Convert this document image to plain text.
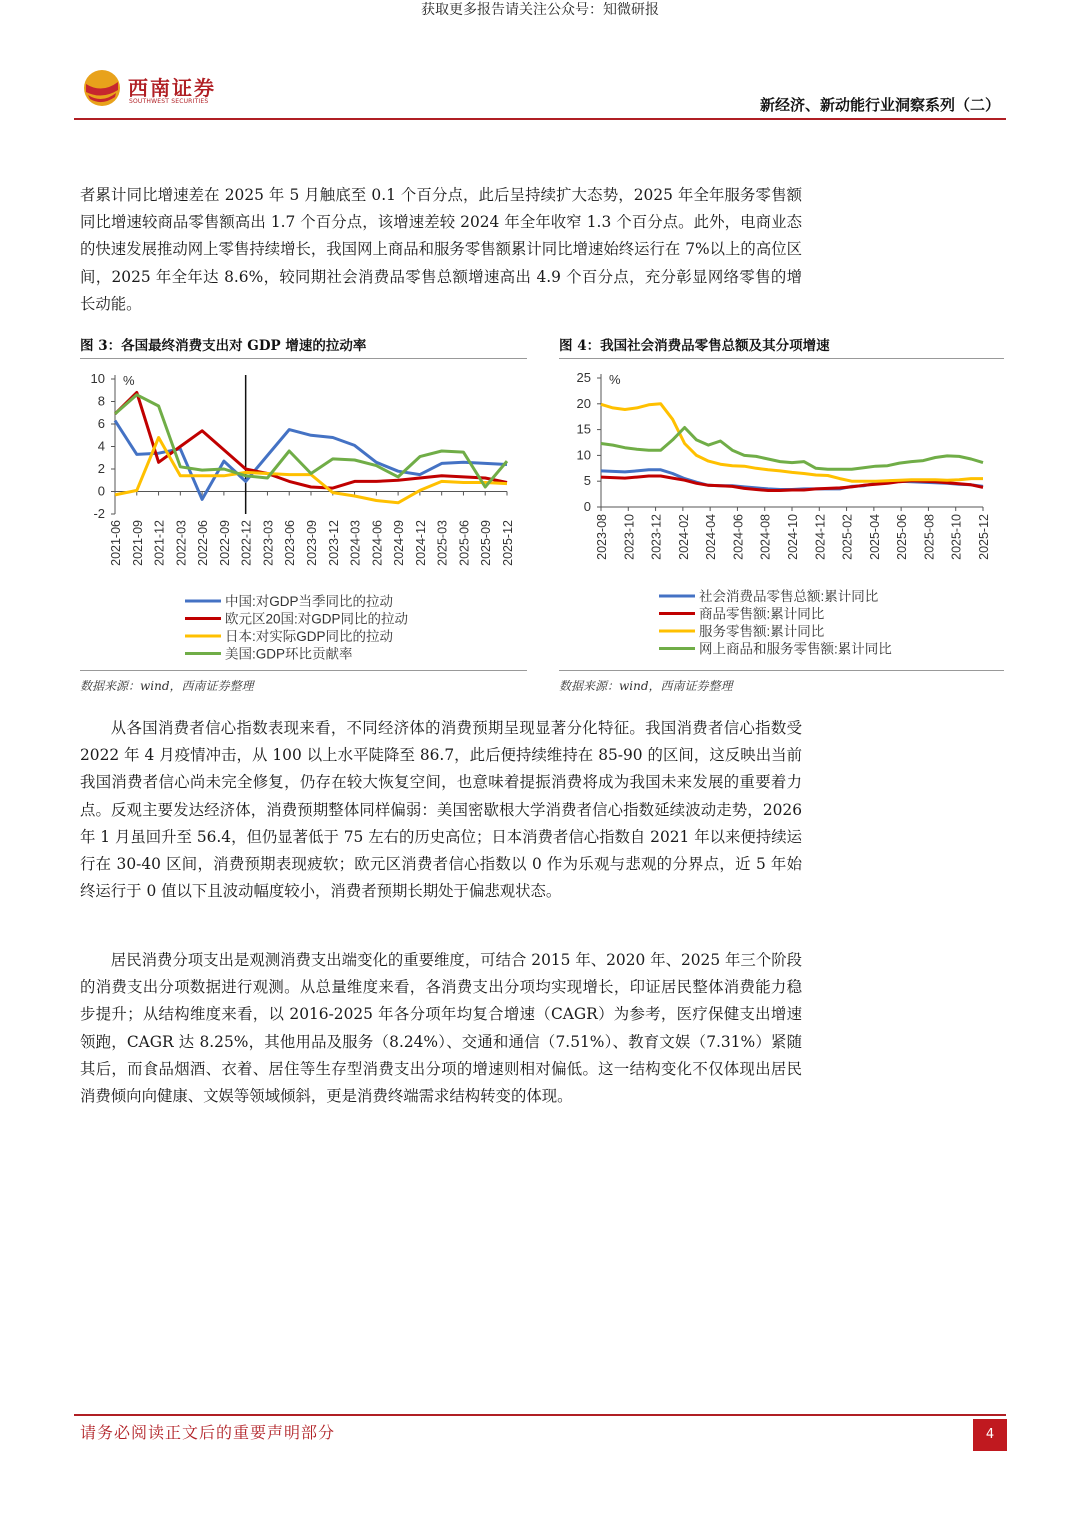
获取更多报告请关注公众号：知微研报
西南证券
SOUTHWEST SECURITIES	新经济、新动能行业洞察系列（二）
者累计同比增速差在 2025 年 5 月触底至 0.1 个百分点，此后呈持续扩大态势，2025 年全年服务零售额同比增速较商品零售额高出 1.7 个百分点，该增速差较 2024 年全年收窄 1.3 个百分点。此外，电商业态的快速发展推动网上零售持续增长，我国网上商品和服务零售额累计同比增速始终运行在 7%以上的高位区间，2025 年全年达 8.6%，较同期社会消费品零售总额增速高出 4.9 个百分点，充分彰显网络零售的增长动能。
图 3：各国最终消费支出对 GDP 增速的拉动率
数据来源：wind，西南证券整理
图 4：我国社会消费品零售总额及其分项增速
数据来源：wind，西南证券整理
10
8
6
4
2
0
-2
%
2021-06 2021-09 2021-12 2022-03 2022-06 2022-09 2022-12 2023-03 2023-06 2023-09 2023-12 2024-03 2024-06 2024-09 2024-12 2025-03 2025-06 2025-09 2025-12
中国:对GDP当季同比的拉动
欧元区20国:对GDP同比的拉动
日本:对实际GDP同比的拉动
美国:GDP环比贡献率
25
20
15
10
5
0
%
2023-08 2023-10 2023-12 2024-02 2024-04 2024-06 2024-08 2024-10 2024-12 2025-02 2025-04 2025-06 2025-08 2025-10 2025-12
社会消费品零售总额:累计同比
商品零售额:累计同比
服务零售额:累计同比
网上商品和服务零售额:累计同比
从各国消费者信心指数表现来看，不同经济体的消费预期呈现显著分化特征。我国消费者信心指数受 2022 年 4 月疫情冲击，从 100 以上水平陡降至 86.7，此后便持续维持在 85-90 的区间，这反映出当前我国消费者信心尚未完全修复，仍存在较大恢复空间，也意味着提振消费将成为我国未来发展的重要着力点。反观主要发达经济体，消费预期整体同样偏弱：美国密歇根大学消费者信心指数延续波动走势，2026 年 1 月虽回升至 56.4，但仍显著低于 75 左右的历史高位；日本消费者信心指数自 2021 年以来便持续运行在 30-40 区间，消费预期表现疲软；欧元区消费者信心指数以 0 作为乐观与悲观的分界点，近 5 年始终运行于 0 值以下且波动幅度较小，消费者预期长期处于偏悲观状态。
居民消费分项支出是观测消费支出端变化的重要维度，可结合 2015 年、2020 年、2025 年三个阶段的消费支出分项数据进行观测。从总量维度来看，各消费支出分项均实现增长，印证居民整体消费能力稳步提升；从结构维度来看，以 2016-2025 年各分项年均复合增速（CAGR）为参考，医疗保健支出增速领跑，CAGR 达 8.25%，其他用品及服务（8.24%）、交通和通信（7.51%）、教育文娱（7.31%）紧随其后，而食品烟酒、衣着、居住等生存型消费支出分项的增速则相对偏低。这一结构变化不仅体现出居民消费倾向向健康、文娱等领域倾斜，更是消费终端需求结构转变的体现。
请务必阅读正文后的重要声明部分	4
